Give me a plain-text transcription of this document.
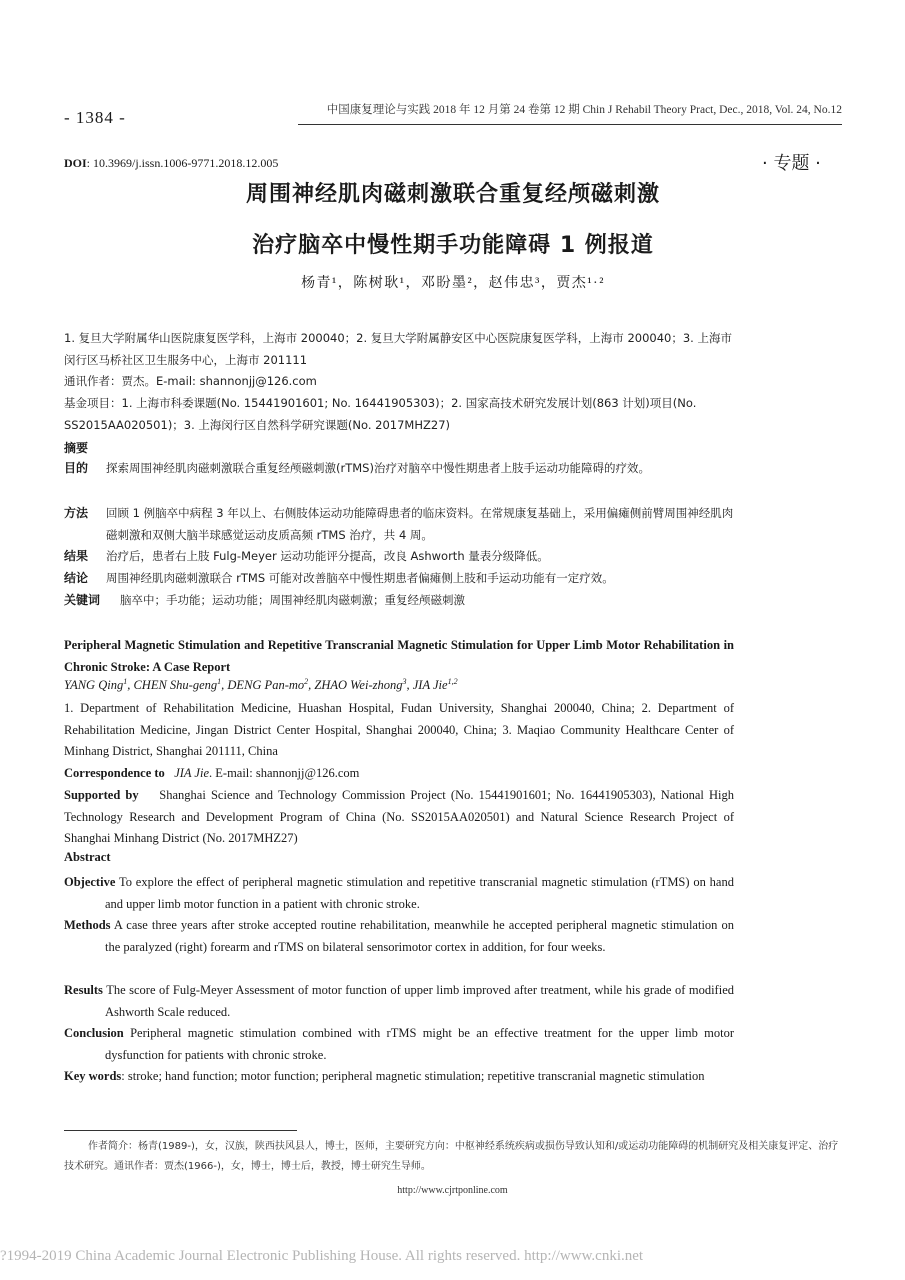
- 1384 -	中国康复理论与实践 2018 年 12 月第 24 卷第 12 期 Chin J Rehabil Theory Pract, Dec., 2018, Vol. 24, No.12
DOI: 10.3969/j.issn.1006-9771.2018.12.005	· 专题 ·
周围神经肌肉磁刺激联合重复经颅磁刺激
治疗脑卒中慢性期手功能障碍 1 例报道
杨青¹，陈树耿¹，邓盼墨²，赵伟忠³，贾杰¹·²
1. 复旦大学附属华山医院康复医学科，上海市 200040；2. 复旦大学附属静安区中心医院康复医学科，上海市 200040；3. 上海市闵行区马桥社区卫生服务中心，上海市 201111
通讯作者：贾杰。E-mail: shannonjj@126.com
基金项目：1. 上海市科委课题(No. 15441901601; No. 16441905303)；2. 国家高技术研究发展计划(863 计划)项目(No. SS2015AA020501)；3. 上海闵行区自然科学研究课题(No. 2017MHZ27)
摘要
目的	探索周围神经肌肉磁刺激联合重复经颅磁刺激(rTMS)治疗对脑卒中慢性期患者上肢手运动功能障碍的疗效。
方法	回顾 1 例脑卒中病程 3 年以上、右侧肢体运动功能障碍患者的临床资料。在常规康复基础上，采用偏瘫侧前臂周围神经肌肉磁刺激和双侧大脑半球感觉运动皮质高频 rTMS 治疗，共 4 周。
结果	治疗后，患者右上肢 Fulg-Meyer 运动功能评分提高，改良 Ashworth 量表分级降低。
结论	周围神经肌肉磁刺激联合 rTMS 可能对改善脑卒中慢性期患者偏瘫侧上肢和手运动功能有一定疗效。
关键词	脑卒中；手功能；运动功能；周围神经肌肉磁刺激；重复经颅磁刺激
Peripheral Magnetic Stimulation and Repetitive Transcranial Magnetic Stimulation for Upper Limb Motor Rehabilitation in Chronic Stroke: A Case Report
YANG Qing$^1$, CHEN Shu-geng$^1$, DENG Pan-$mo^2$, ZHAO Wei-zhong$^3$, JIA Jie$^{1,2}$
1. Department of Rehabilitation Medicine, Huashan Hospital, Fudan University, Shanghai 200040, China; 2. Department of Rehabilitation Medicine, Jingan District Center Hospital, Shanghai 200040, China; 3. Maqiao Community Healthcare Center of Minhang District, Shanghai 201111, China
Correspondence to JIA Jie. E-mail: shannonjj@126.com
Supported by Shanghai Science and Technology Commission Project (No. 15441901601; No. 16441905303), National High Technology Research and Development Program of China (No. SS2015AA020501) and Natural Science Research Project of Shanghai Minhang District (No. 2017MHZ27)
Abstract
Objective To explore the effect of peripheral magnetic stimulation and repetitive transcranial magnetic stimulation (rTMS) on hand and upper limb motor function in a patient with chronic stroke.
Methods A case three years after stroke accepted routine rehabilitation, meanwhile he accepted peripheral magnetic stimulation on the paralyzed (right) forearm and rTMS on bilateral sensorimotor cortex in addition, for four weeks.
Results The score of Fulg-Meyer Assessment of motor function of upper limb improved after treatment, while his grade of modified Ashworth Scale reduced.
Conclusion Peripheral magnetic stimulation combined with rTMS might be an effective treatment for the upper limb motor dysfunction for patients with chronic stroke.
Key words: stroke; hand function; motor function; peripheral magnetic stimulation; repetitive transcranial magnetic stimulation
作者简介：杨青(1989-)，女，汉族，陕西扶风县人，博士，医师，主要研究方向：中枢神经系统疾病或损伤导致认知和/或运动功能障碍的机制研究及相关康复评定、治疗技术研究。通讯作者：贾杰(1966-)，女，博士，博士后，教授，博士研究生导师。
http://www.cjrtponline.com
?1994-2019 China Academic Journal Electronic Publishing House. All rights reserved. http://www.cnki.net
